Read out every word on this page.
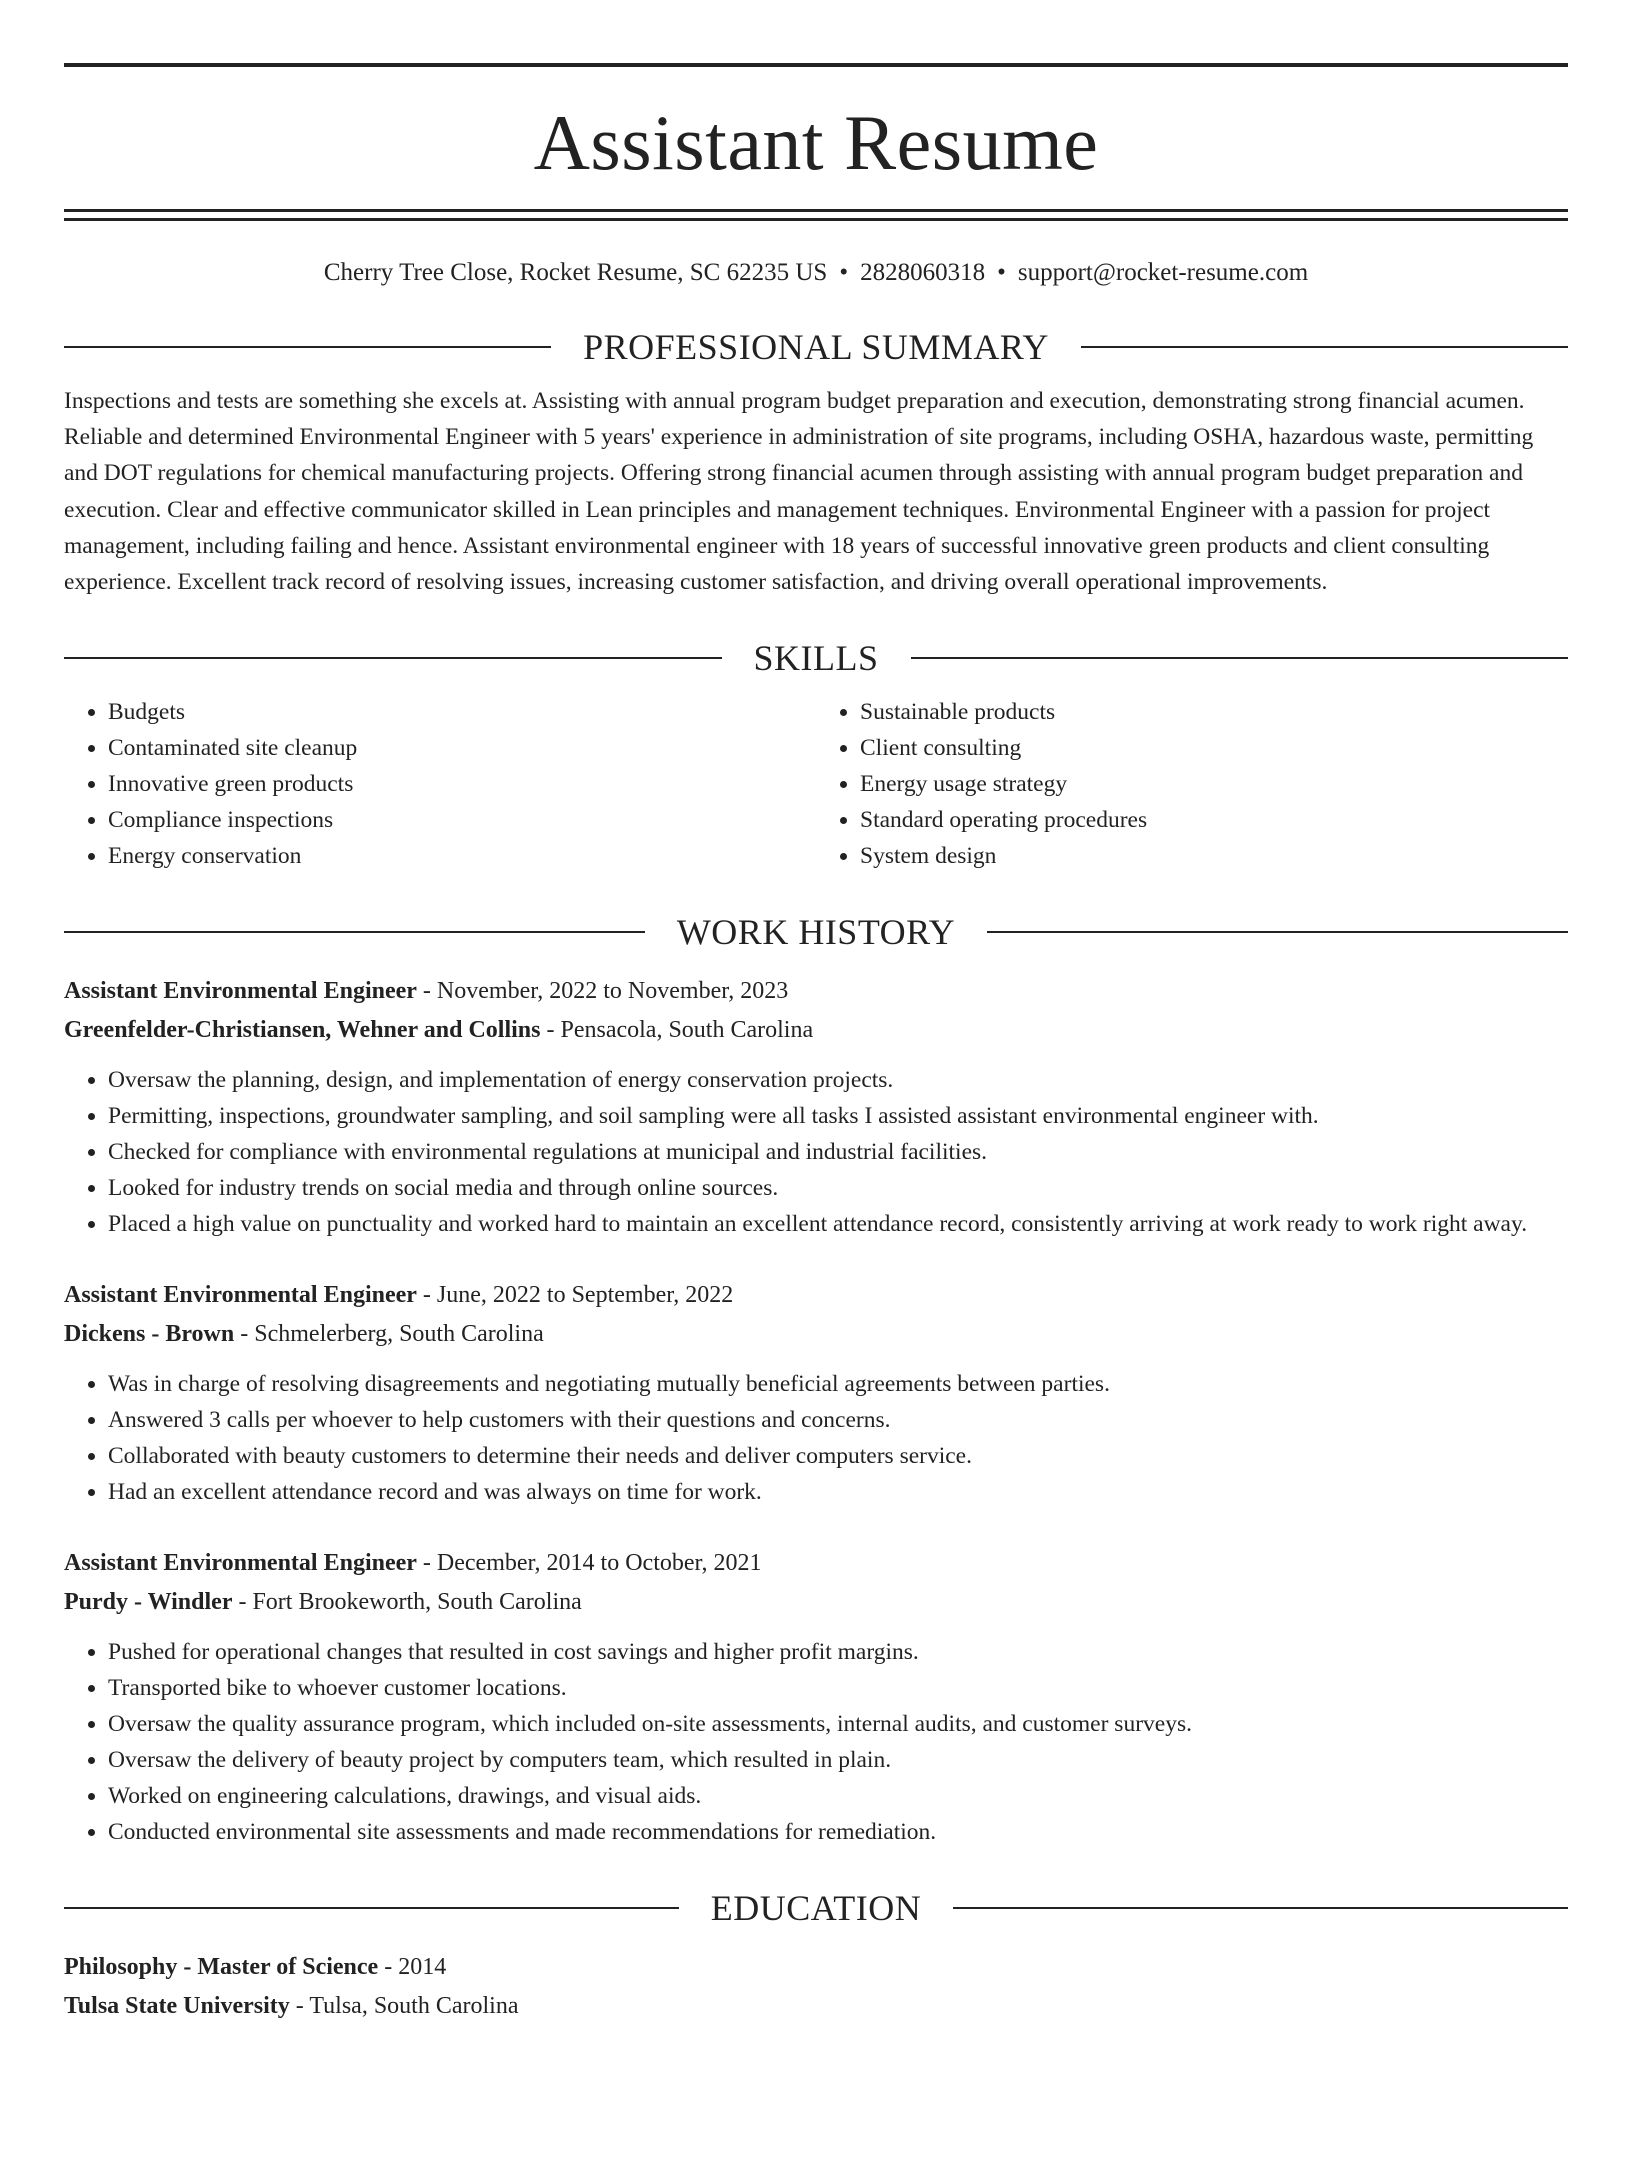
Assistant Resume
Cherry Tree Close, Rocket Resume, SC 62235 US • 2828060318 • support@rocket-resume.com
PROFESSIONAL SUMMARY
Inspections and tests are something she excels at. Assisting with annual program budget preparation and execution, demonstrating strong financial acumen. Reliable and determined Environmental Engineer with 5 years' experience in administration of site programs, including OSHA, hazardous waste, permitting and DOT regulations for chemical manufacturing projects. Offering strong financial acumen through assisting with annual program budget preparation and execution. Clear and effective communicator skilled in Lean principles and management techniques. Environmental Engineer with a passion for project management, including failing and hence. Assistant environmental engineer with 18 years of successful innovative green products and client consulting experience. Excellent track record of resolving issues, increasing customer satisfaction, and driving overall operational improvements.
SKILLS
• Budgets
• Contaminated site cleanup
• Innovative green products
• Compliance inspections
• Energy conservation
• Sustainable products
• Client consulting
• Energy usage strategy
• Standard operating procedures
• System design
WORK HISTORY
Assistant Environmental Engineer - November, 2022 to November, 2023
Greenfelder-Christiansen, Wehner and Collins - Pensacola, South Carolina
• Oversaw the planning, design, and implementation of energy conservation projects.
• Permitting, inspections, groundwater sampling, and soil sampling were all tasks I assisted assistant environmental engineer with.
• Checked for compliance with environmental regulations at municipal and industrial facilities.
• Looked for industry trends on social media and through online sources.
• Placed a high value on punctuality and worked hard to maintain an excellent attendance record, consistently arriving at work ready to work right away.
Assistant Environmental Engineer - June, 2022 to September, 2022
Dickens - Brown - Schmelerberg, South Carolina
• Was in charge of resolving disagreements and negotiating mutually beneficial agreements between parties.
• Answered 3 calls per whoever to help customers with their questions and concerns.
• Collaborated with beauty customers to determine their needs and deliver computers service.
• Had an excellent attendance record and was always on time for work.
Assistant Environmental Engineer - December, 2014 to October, 2021
Purdy - Windler - Fort Brookeworth, South Carolina
• Pushed for operational changes that resulted in cost savings and higher profit margins.
• Transported bike to whoever customer locations.
• Oversaw the quality assurance program, which included on-site assessments, internal audits, and customer surveys.
• Oversaw the delivery of beauty project by computers team, which resulted in plain.
• Worked on engineering calculations, drawings, and visual aids.
• Conducted environmental site assessments and made recommendations for remediation.
EDUCATION
Philosophy - Master of Science - 2014
Tulsa State University - Tulsa, South Carolina
